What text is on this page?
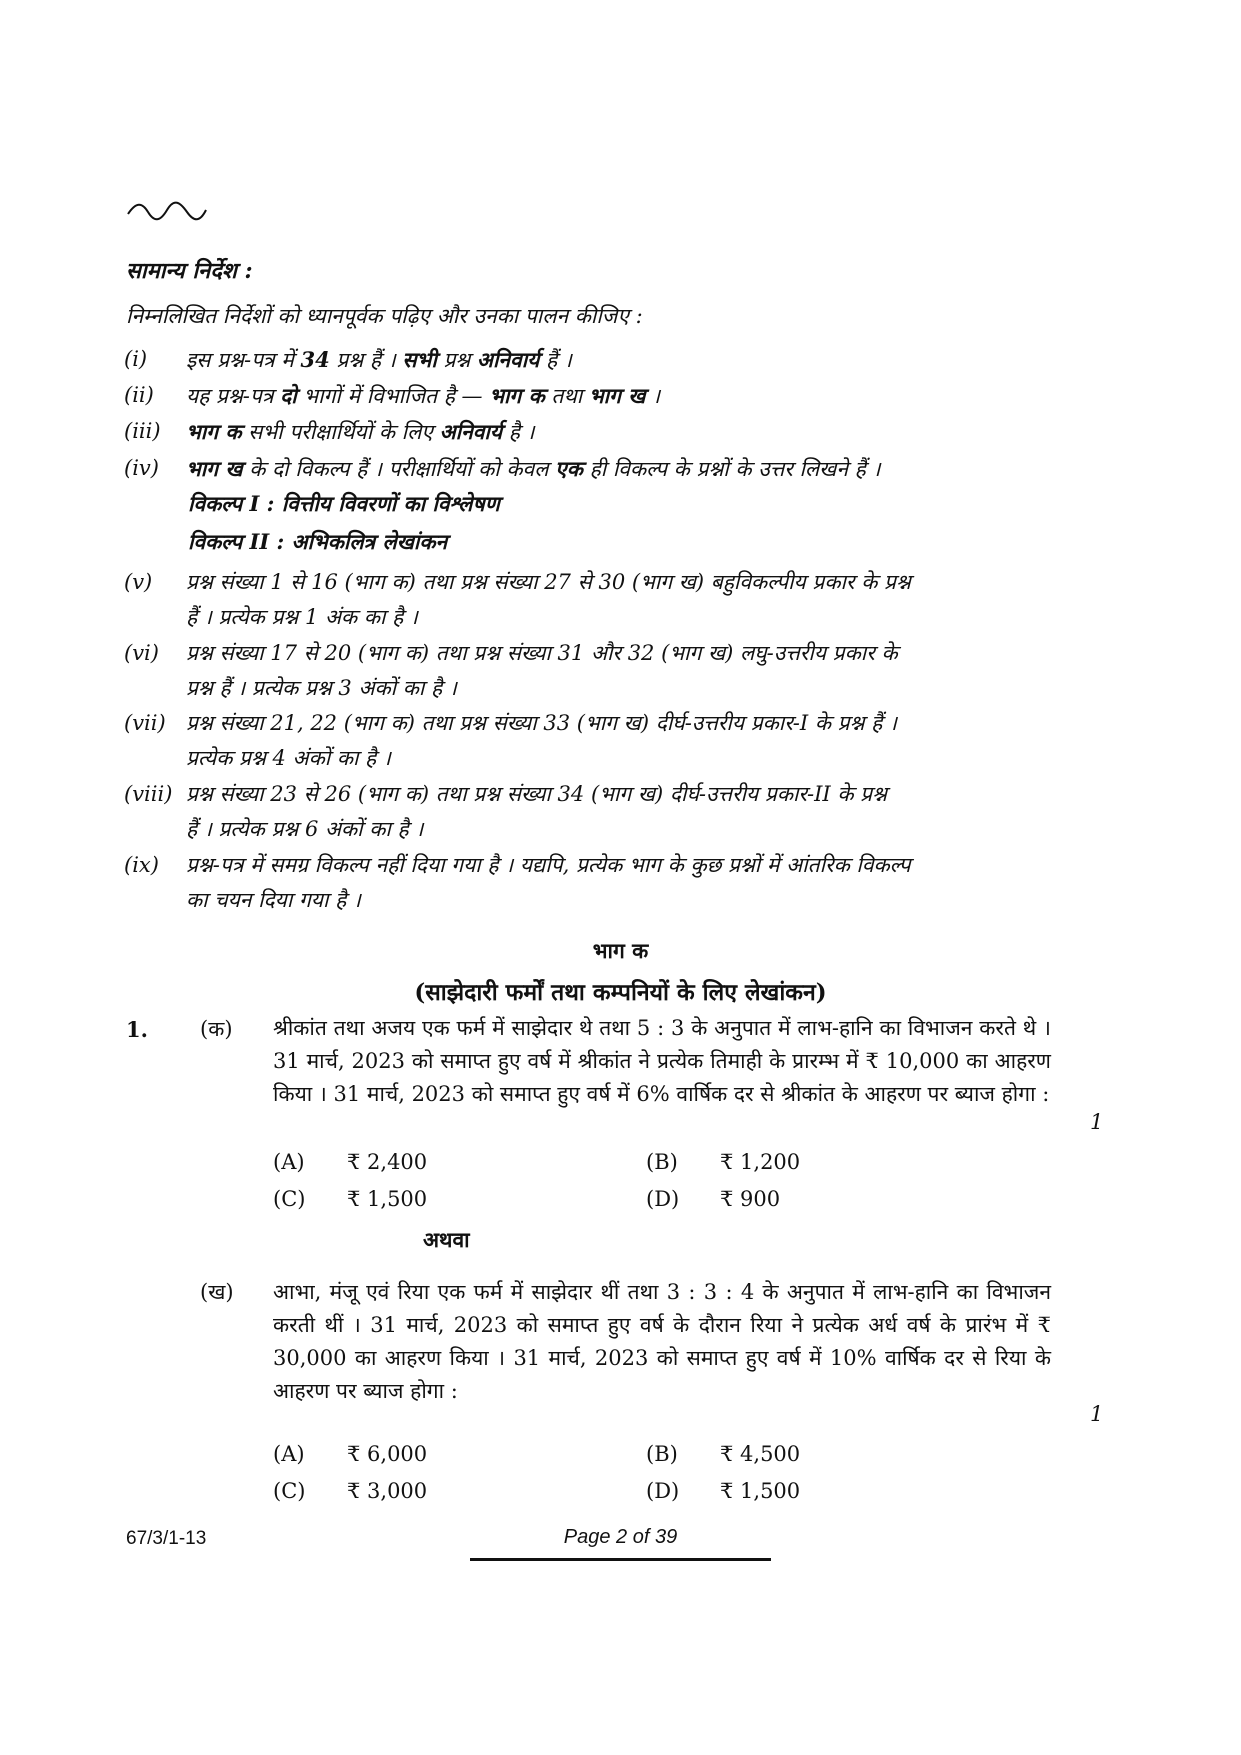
सामान्य निर्देश :
निम्नलिखित निर्देशों को ध्यानपूर्वक पढ़िए और उनका पालन कीजिए :
(i)	इस प्रश्न-पत्र में 34 प्रश्न हैं । सभी प्रश्न अनिवार्य हैं ।
(ii)	यह प्रश्न-पत्र दो भागों में विभाजित है — भाग क तथा भाग ख ।
(iii)	भाग क सभी परीक्षार्थियों के लिए अनिवार्य है ।
(iv)	भाग ख के दो विकल्प हैं । परीक्षार्थियों को केवल एक ही विकल्प के प्रश्नों के उत्तर लिखने हैं ।
विकल्प I : वित्तीय विवरणों का विश्लेषण
विकल्प II : अभिकलित्र लेखांकन
(v)	प्रश्न संख्या 1 से 16 (भाग क) तथा प्रश्न संख्या 27 से 30 (भाग ख) बहुविकल्पीय प्रकार के प्रश्न
हैं । प्रत्येक प्रश्न 1 अंक का है ।
(vi)	प्रश्न संख्या 17 से 20 (भाग क) तथा प्रश्न संख्या 31 और 32 (भाग ख) लघु-उत्तरीय प्रकार के
प्रश्न हैं । प्रत्येक प्रश्न 3 अंकों का है ।
(vii) प्रश्न संख्या 21, 22 (भाग क) तथा प्रश्न संख्या 33 (भाग ख) दीर्घ-उत्तरीय प्रकार-I के प्रश्न हैं ।
प्रत्येक प्रश्न 4 अंकों का है ।
(viii) प्रश्न संख्या 23 से 26 (भाग क) तथा प्रश्न संख्या 34 (भाग ख) दीर्घ-उत्तरीय प्रकार-II के प्रश्न
हैं । प्रत्येक प्रश्न 6 अंकों का है ।
(ix)	प्रश्न-पत्र में समग्र विकल्प नहीं दिया गया है । यद्यपि, प्रत्येक भाग के कुछ प्रश्नों में आंतरिक विकल्प
का चयन दिया गया है ।
भाग क
(साझेदारी फर्मों तथा कम्पनियों के लिए लेखांकन)
1. (क) श्रीकांत तथा अजय एक फर्म में साझेदार थे तथा 5 : 3 के अनुपात में लाभ-हानि का विभाजन करते थे । 31 मार्च, 2023 को समाप्त हुए वर्ष में श्रीकांत ने प्रत्येक तिमाही के प्रारम्भ में ₹ 10,000 का आहरण किया । 31 मार्च, 2023 को समाप्त हुए वर्ष में 6% वार्षिक दर से श्रीकांत के आहरण पर ब्याज होगा :
1
(A) ₹ 2,400	(B) ₹ 1,200
(C) ₹ 1,500	(D) ₹ 900
अथवा
(ख) आभा, मंजू एवं रिया एक फर्म में साझेदार थीं तथा 3 : 3 : 4 के अनुपात में लाभ-हानि का विभाजन करती थीं । 31 मार्च, 2023 को समाप्त हुए वर्ष के दौरान रिया ने प्रत्येक अर्ध वर्ष के प्रारंभ में ₹ 30,000 का आहरण किया । 31 मार्च, 2023 को समाप्त हुए वर्ष में 10% वार्षिक दर से रिया के आहरण पर ब्याज होगा :
1
(A) ₹ 6,000	(B) ₹ 4,500
(C) ₹ 3,000	(D) ₹ 1,500
67/3/1-13	Page 2 of 39
